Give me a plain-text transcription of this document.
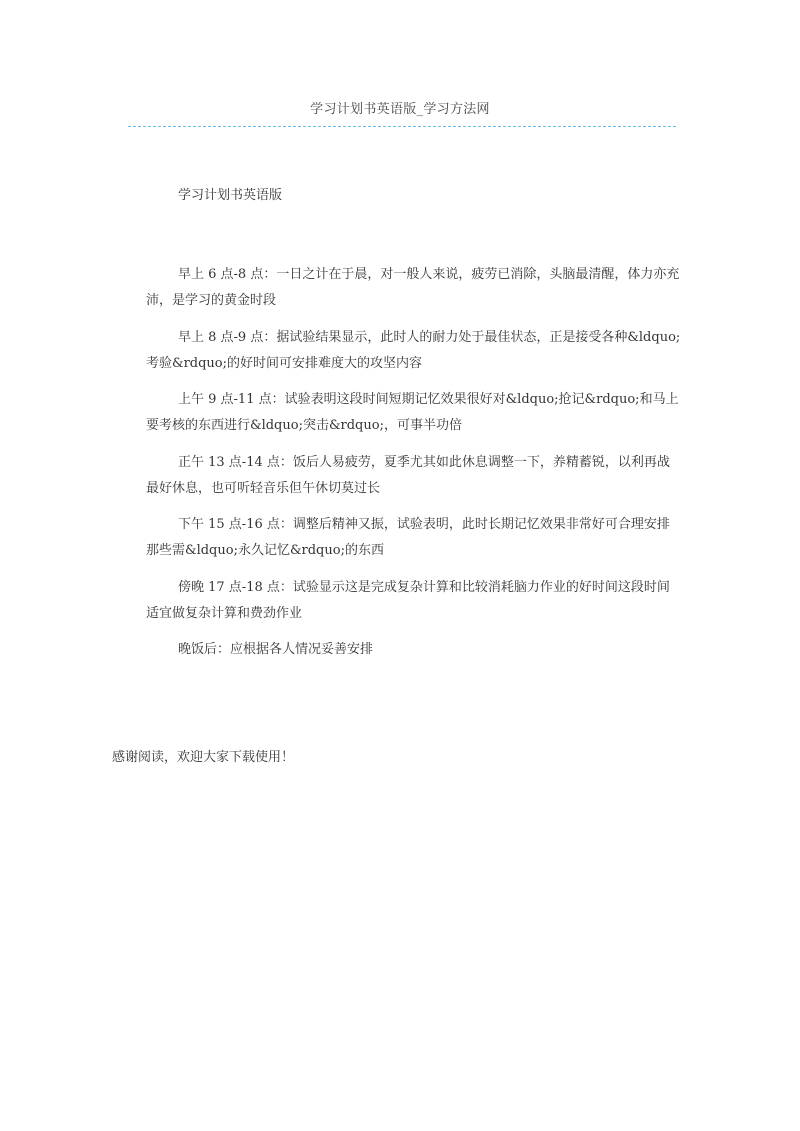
学习计划书英语版_学习方法网
学习计划书英语版
早上 6 点-8 点：一日之计在于晨，对一般人来说，疲劳已消除，头脑最清醒，体力亦充沛，是学习的黄金时段
早上 8 点-9 点：据试验结果显示，此时人的耐力处于最佳状态，正是接受各种&ldquo;考验&rdquo;的好时间可安排难度大的攻坚内容
上午 9 点-11 点：试验表明这段时间短期记忆效果很好对&ldquo;抢记&rdquo;和马上要考核的东西进行&ldquo;突击&rdquo;，可事半功倍
正午 13 点-14 点：饭后人易疲劳，夏季尤其如此休息调整一下，养精蓄锐，以利再战最好休息，也可听轻音乐但午休切莫过长
下午 15 点-16 点：调整后精神又振，试验表明，此时长期记忆效果非常好可合理安排那些需&ldquo;永久记忆&rdquo;的东西
傍晚 17 点-18 点：试验显示这是完成复杂计算和比较消耗脑力作业的好时间这段时间适宜做复杂计算和费劲作业
晚饭后：应根据各人情况妥善安排
感谢阅读，欢迎大家下载使用！
